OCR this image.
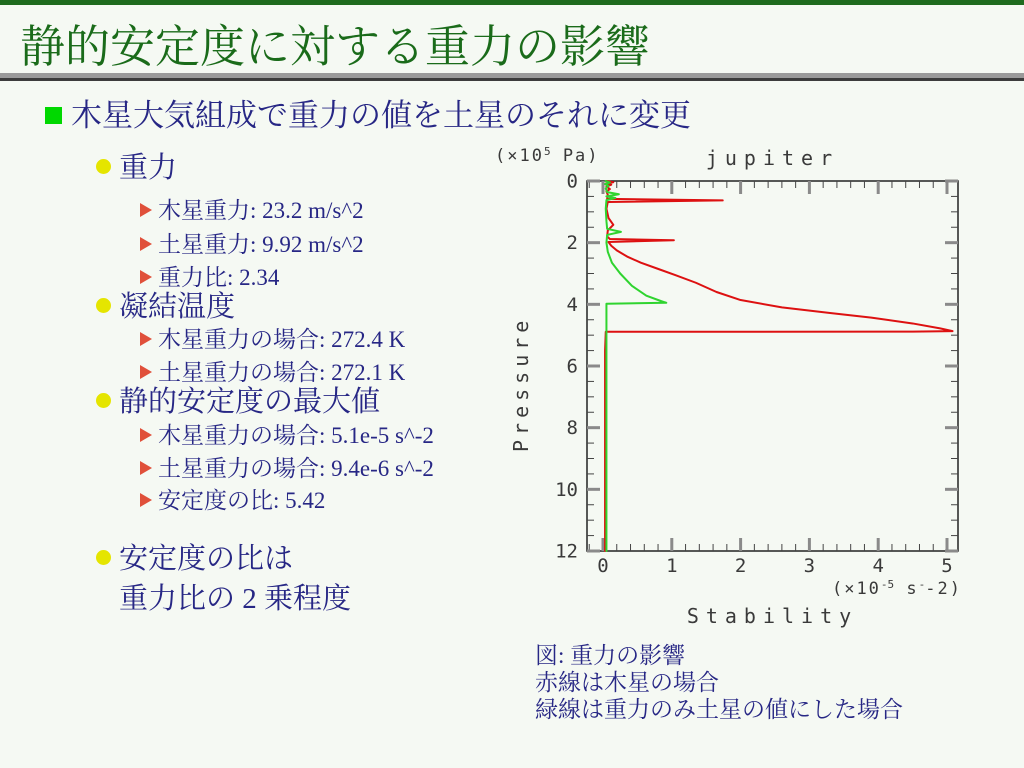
静的安定度に対する重力の影響
木星大気組成で重力の値を土星のそれに変更
重力
木星重力: 23.2 m/s^2
土星重力: 9.92 m/s^2
重力比: 2.34
凝結温度
木星重力の場合: 272.4 K
土星重力の場合: 272.1 K
静的安定度の最大値
木星重力の場合: 5.1e-5 s^-2
土星重力の場合: 9.4e-6 s^-2
安定度の比: 5.42
安定度の比は
重力比の 2 乗程度
($\times 10^5$ Pa)	jupiter
Pressure
0
2
4
6
8
10
12
0	1	2	3	4	5
($\times 10^{-5}$ s--2)
Stability
図: 重力の影響
赤線は木星の場合
緑線は重力のみ土星の値にした場合
